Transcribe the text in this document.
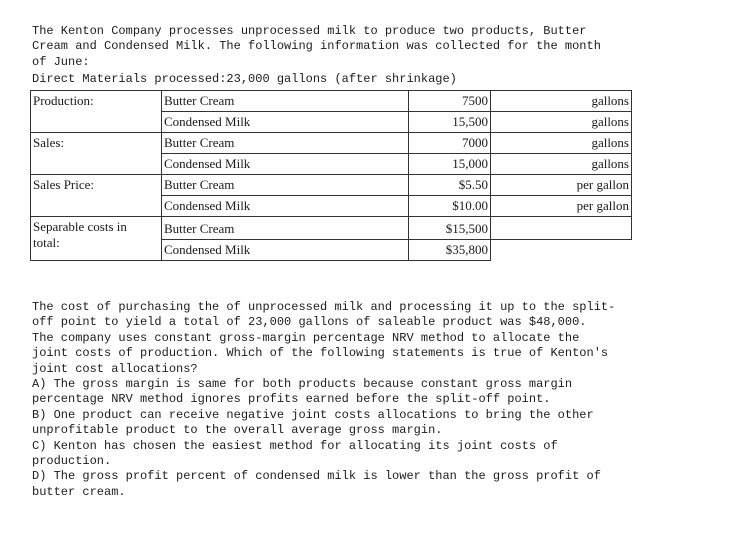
The Kenton Company processes unprocessed milk to produce two products, Butter
Cream and Condensed Milk. The following information was collected for the month
of June:
Direct Materials processed:23,000 gallons (after shrinkage)
Production:	Butter Cream	7500	gallons
	Condensed Milk	15,500	gallons
Sales:	Butter Cream	7000	gallons
	Condensed Milk	15,000	gallons
Sales Price:	Butter Cream	$5.50	per gallon
	Condensed Milk	$10.00	per gallon
Separable costs in
total:	Butter Cream	$15,500	
	Condensed Milk	$35,800	
The cost of purchasing the of unprocessed milk and processing it up to the split-
off point to yield a total of 23,000 gallons of saleable product was $48,000.
The company uses constant gross-margin percentage NRV method to allocate the
joint costs of production. Which of the following statements is true of Kenton's
joint cost allocations?
A) The gross margin is same for both products because constant gross margin
percentage NRV method ignores profits earned before the split-off point.
B) One product can receive negative joint costs allocations to bring the other
unprofitable product to the overall average gross margin.
C) Kenton has chosen the easiest method for allocating its joint costs of
production.
D) The gross profit percent of condensed milk is lower than the gross profit of
butter cream.
